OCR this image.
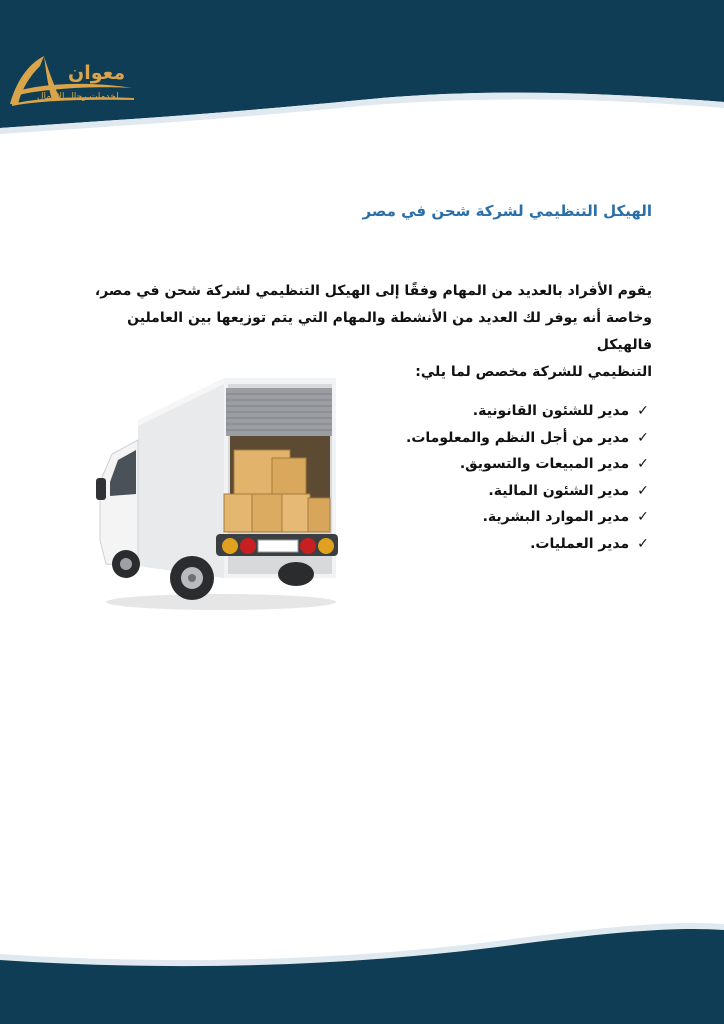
معوان
لخدمات رجال الاعمال
الهيكل التنظيمي لشركة شحن في مصر

يقوم الأفراد بالعديد من المهام وفقًا إلى الهيكل التنظيمي لشركة شحن في مصر،

وخاصة أنه يوفر لك العديد من الأنشطة والمهام التي يتم توزيعها بين العاملين فالهيكل

التنظيمي للشركة مخصص لما يلي:

✓ مدير للشئون القانونية.
✓ مدير من أجل النظم والمعلومات.
✓ مدير المبيعات والتسويق.
✓ مدير الشئون المالية.
✓ مدير الموارد البشرية.
✓ مدير العمليات.
